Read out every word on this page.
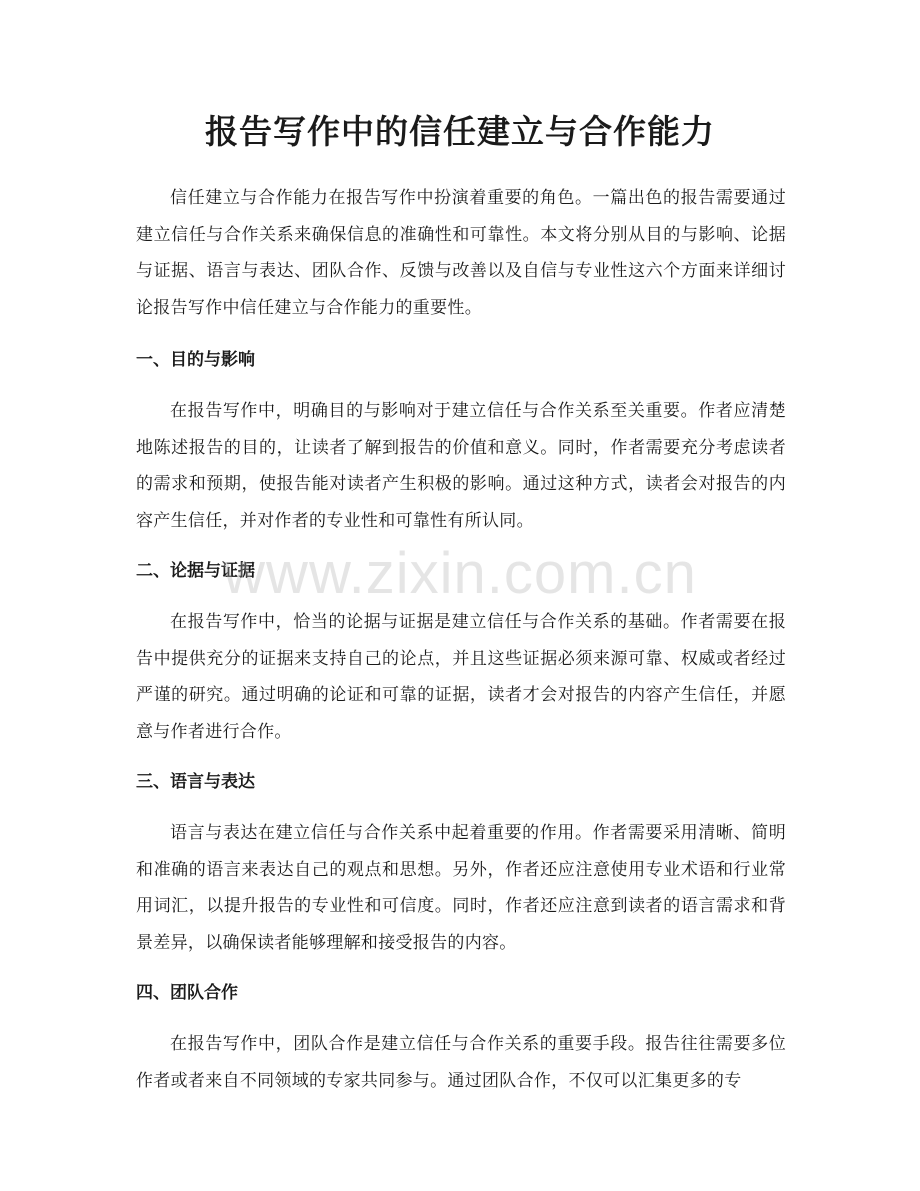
报告写作中的信任建立与合作能力

信任建立与合作能力在报告写作中扮演着重要的角色。一篇出色的报告需要通过建立信任与合作关系来确保信息的准确性和可靠性。本文将分别从目的与影响、论据与证据、语言与表达、团队合作、反馈与改善以及自信与专业性这六个方面来详细讨论报告写作中信任建立与合作能力的重要性。

一、目的与影响

在报告写作中，明确目的与影响对于建立信任与合作关系至关重要。作者应清楚地陈述报告的目的，让读者了解到报告的价值和意义。同时，作者需要充分考虑读者的需求和预期，使报告能对读者产生积极的影响。通过这种方式，读者会对报告的内容产生信任，并对作者的专业性和可靠性有所认同。

二、论据与证据

在报告写作中，恰当的论据与证据是建立信任与合作关系的基础。作者需要在报告中提供充分的证据来支持自己的论点，并且这些证据必须来源可靠、权威或者经过严谨的研究。通过明确的论证和可靠的证据，读者才会对报告的内容产生信任，并愿意与作者进行合作。

三、语言与表达

语言与表达在建立信任与合作关系中起着重要的作用。作者需要采用清晰、简明和准确的语言来表达自己的观点和思想。另外，作者还应注意使用专业术语和行业常用词汇，以提升报告的专业性和可信度。同时，作者还应注意到读者的语言需求和背景差异，以确保读者能够理解和接受报告的内容。

四、团队合作

在报告写作中，团队合作是建立信任与合作关系的重要手段。报告往往需要多位作者或者来自不同领域的专家共同参与。通过团队合作，不仅可以汇集更多的专

www.zixin.com.cn
